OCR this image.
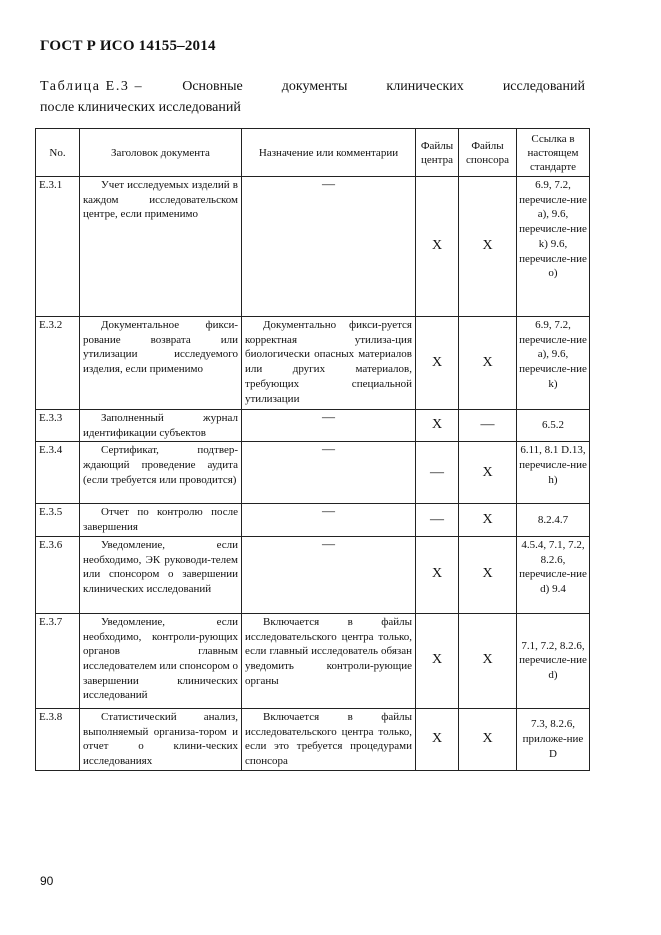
ГОСТ Р ИСО 14155–2014
Таблица Е.3 –	Основные	документы	клинических	исследований
после клинических исследований
No.	Заголовок документа	Назначение или комментарии	Файлы центра	Файлы спонсора	Ссылка в настоящем стандарте
E.3.1	Учет исследуемых изделий в каждом исследовательском центре, если применимо	—	X	X	6.9, 7.2, перечисле-ние a), 9.6, перечисле-ние k) 9.6, перечисле-ние o)
E.3.2	Документальное фикси-рование возврата или утилизации исследуемого изделия, если применимо	Документально фикси-руется корректная утилиза-ция биологически опасных материалов или других материалов, требующих специальной утилизации	X	X	6.9, 7.2, перечисле-ние a), 9.6, перечисле-ние k)
E.3.3	Заполненный журнал идентификации субъектов	—	X	—	6.5.2
E.3.4	Сертификат, подтвер-ждающий проведение аудита (если требуется или проводится)	—	—	X	6.11, 8.1 D.13, перечисле-ние h)
E.3.5	Отчет по контролю после завершения	—	—	X	8.2.4.7
E.3.6	Уведомление, если необходимо, ЭК руководи-телем или спонсором о завершении клинических исследований	—	X	X	4.5.4, 7.1, 7.2, 8.2.6, перечисле-ние d) 9.4
E.3.7	Уведомление, если необходимо, контроли-рующих органов главным исследователем или спонсором о завершении клинических исследований	Включается в файлы исследовательского центра только, если главный исследователь обязан уведомить контроли-рующие органы	X	X	7.1, 7.2, 8.2.6, перечисле-ние d)
E.3.8	Статистический анализ, выполняемый организа-тором и отчет о клини-ческих исследованиях	Включается в файлы исследовательского центра только, если это требуется процедурами спонсора	X	X	7.3, 8.2.6, приложе-ние D
90
